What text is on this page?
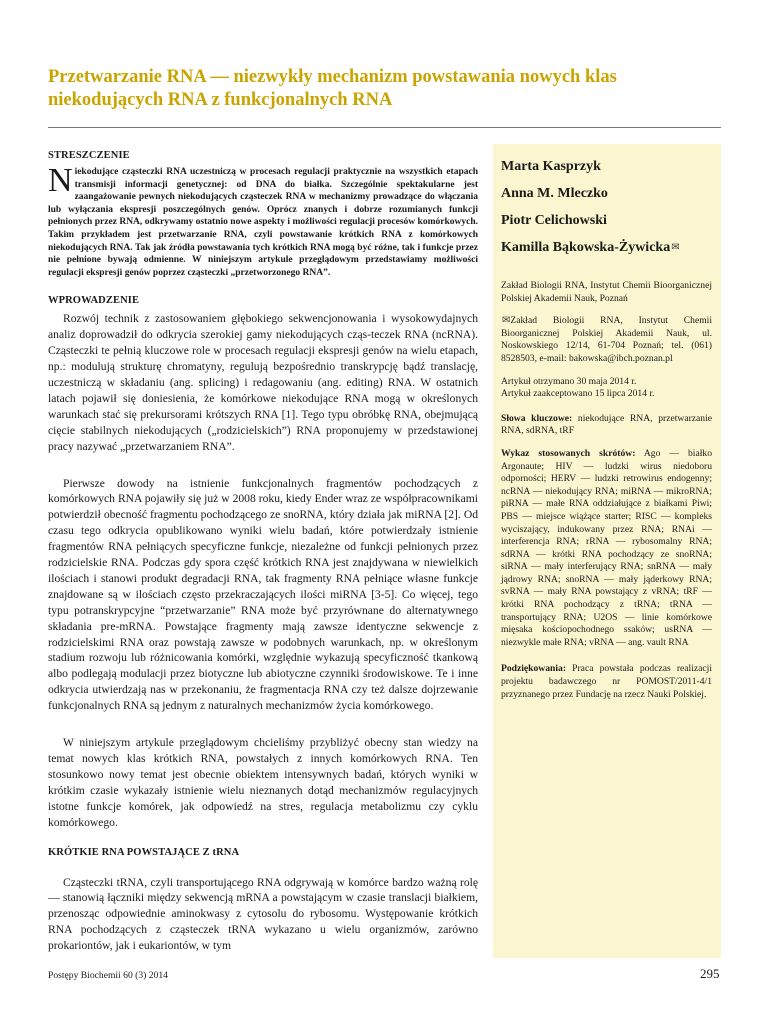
Przetwarzanie RNA — niezwykły mechanizm powstawania nowych klas niekodujących RNA z funkcjonalnych RNA
STRESZCZENIE

Niekodujące cząsteczki RNA uczestniczą w procesach regulacji praktycznie na wszystkich etapach transmisji informacji genetycznej: od DNA do białka. Szczególnie spektakularne jest zaangażowanie pewnych niekodujących cząsteczek RNA w mechanizmy prowadzące do włączania lub wyłączania ekspresji poszczególnych genów. Oprócz znanych i dobrze rozumianych funkcji pełnionych przez RNA, odkrywamy ostatnio nowe aspekty i możliwości regulacji procesów komórkowych. Takim przykładem jest przetwarzanie RNA, czyli powstawanie krótkich RNA z komórkowych niekodujących RNA. Tak jak źródła powstawania tych krótkich RNA mogą być różne, tak i funkcje przez nie pełnione bywają odmienne. W niniejszym artykule przeglądowym przedstawiamy możliwości regulacji ekspresji genów poprzez cząsteczki „przetworzonego RNA”.

WPROWADZENIE

Rozwój technik z zastosowaniem głębokiego sekwencjonowania i wysokowydajnych analiz doprowadził do odkrycia szerokiej gamy niekodujących cząs-teczek RNA (ncRNA). Cząsteczki te pełnią kluczowe role w procesach regulacji ekspresji genów na wielu etapach, np.: modulują strukturę chromatyny, regulują bezpośrednio transkrypcję bądź translację, uczestniczą w składaniu (ang. splicing) i redagowaniu (ang. editing) RNA. W ostatnich latach pojawił się doniesienia, że komórkowe niekodujące RNA mogą w określonych warunkach stać się prekursorami krótszych RNA [1]. Tego typu obróbkę RNA, obejmującą cięcie stabilnych niekodujących („rodzicielskich”) RNA proponujemy w przedstawionej pracy nazywać „przetwarzaniem RNA”.

Pierwsze dowody na istnienie funkcjonalnych fragmentów pochodzących z komórkowych RNA pojawiły się już w 2008 roku, kiedy Ender wraz ze współpracownikami potwierdził obecność fragmentu pochodzącego ze snoRNA, który działa jak miRNA [2]. Od czasu tego odkrycia opublikowano wyniki wielu badań, które potwierdzały istnienie fragmentów RNA pełniących specyficzne funkcje, niezależne od funkcji pełnionych przez rodzicielskie RNA. Podczas gdy spora część krótkich RNA jest znajdywana w niewielkich ilościach i stanowi produkt degradacji RNA, tak fragmenty RNA pełniące własne funkcje znajdowane są w ilościach często przekraczających ilości miRNA [3-5]. Co więcej, tego typu potranskrypcyjne “przetwarzanie” RNA może być przyrównane do alternatywnego składania pre-mRNA. Powstające fragmenty mają zawsze identyczne sekwencje z rodzicielskimi RNA oraz powstają zawsze w podobnych warunkach, np. w określonym stadium rozwoju lub różnicowania komórki, względnie wykazują specyficzność tkankową albo podlegają modulacji przez biotyczne lub abiotyczne czynniki środowiskowe. Te i inne odkrycia utwierdzają nas w przekonaniu, że fragmentacja RNA czy też dalsze dojrzewanie funkcjonalnych RNA są jednym z naturalnych mechanizmów życia komórkowego.

W niniejszym artykule przeglądowym chcieliśmy przybliżyć obecny stan wiedzy na temat nowych klas krótkich RNA, powstałych z innych komórkowych RNA. Ten stosunkowo nowy temat jest obecnie obiektem intensywnych badań, których wyniki w krótkim czasie wykazały istnienie wielu nieznanych dotąd mechanizmów regulacyjnych istotne funkcje komórek, jak odpowiedź na stres, regulacja metabolizmu czy cyklu komórkowego.

KRÓTKIE RNA POWSTAJĄCE Z tRNA

Cząsteczki tRNA, czyli transportującego RNA odgrywają w komórce bardzo ważną rolę — stanowią łączniki między sekwencją mRNA a powstającym w czasie translacji białkiem, przenosząc odpowiednie aminokwasy z cytosolu do rybosomu. Występowanie krótkich RNA pochodzących z cząsteczek tRNA wykazano u wielu organizmów, zarówno prokariontów, jak i eukariontów, w tym

Marta Kasprzyk
Anna M. Mleczko
Piotr Celichowski
Kamilla Bąkowska-Żywicka✉

Zakład Biologii RNA, Instytut Chemii Bioorganicznej Polskiej Akademii Nauk, Poznań

✉Zakład Biologii RNA, Instytut Chemii Bioorganicznej Polskiej Akademii Nauk, ul. Noskowskiego 12/14, 61-704 Poznań; tel. (061) 8528503, e-mail: bakowska@ibch.poznan.pl

Artykuł otrzymano 30 maja 2014 r.
Artykuł zaakceptowano 15 lipca 2014 r.

Słowa kluczowe: niekodujące RNA, przetwarzanie RNA, sdRNA, tRF

Wykaz stosowanych skrótów: Ago — białko Argonaute; HIV — ludzki wirus niedoboru odporności; HERV — ludzki retrowirus endogenny; ncRNA — niekodujący RNA; miRNA — mikroRNA; piRNA — małe RNA oddziałujące z białkami Piwi; PBS — miejsce wiążące starter; RISC — kompleks wyciszający, indukowany przez RNA; RNAi — interferencja RNA; rRNA — rybosomalny RNA; sdRNA — krótki RNA pochodzący ze snoRNA; siRNA — mały interferujący RNA; snRNA — mały jądrowy RNA; snoRNA — mały jąderkowy RNA; svRNA — mały RNA powstający z vRNA; tRF — krótki RNA pochodzący z tRNA; tRNA — transportujący RNA; U2OS — linie komórkowe mięsaka kościopochodnego ssaków; usRNA — niezwykle małe RNA; vRNA — ang. vault RNA

Podziękowania: Praca powstała podczas realizacji projektu badawczego nr POMOST/2011-4/1 przyznanego przez Fundację na rzecz Nauki Polskiej.

Postępy Biochemii 60 (3) 2014	295
